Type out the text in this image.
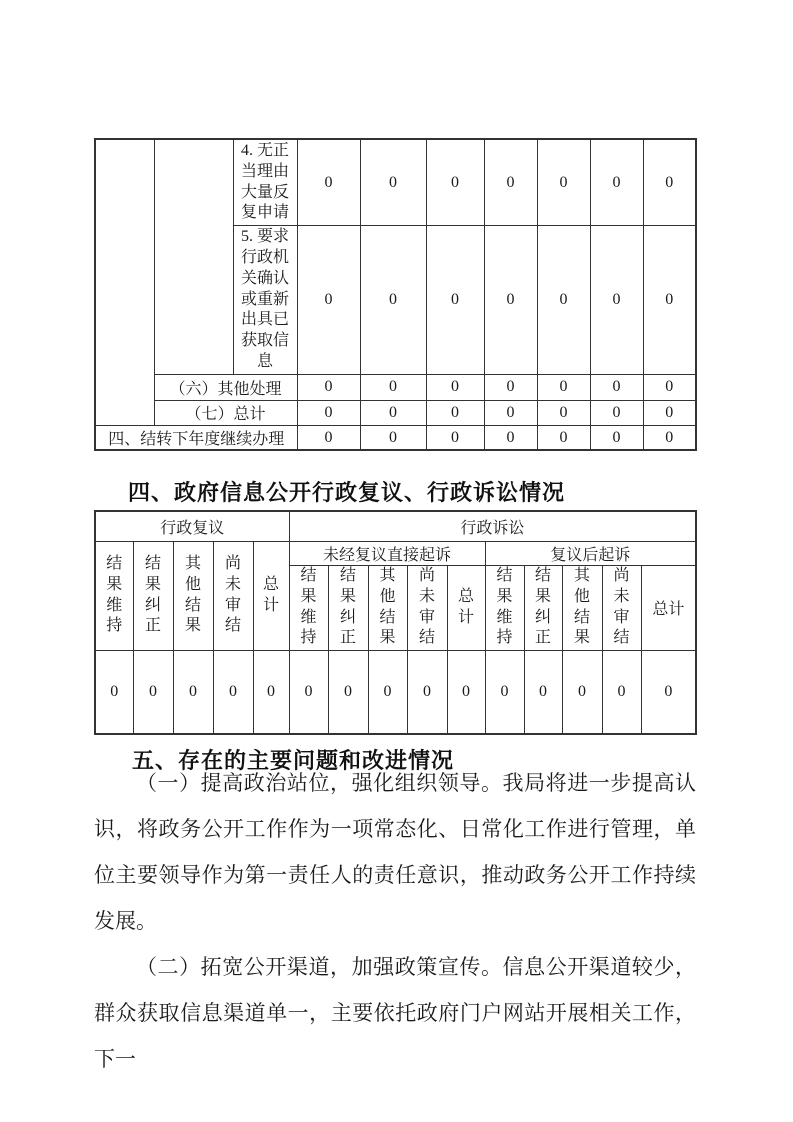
		4. 无正当理由大量反复申请	0	0	0	0	0	0	0
		5. 要求行政机关确认或重新出具已获取信息	0	0	0	0	0	0	0
	（六）其他处理		0	0	0	0	0	0	0
	（七）总计		0	0	0	0	0	0	0
四、结转下年度继续办理			0	0	0	0	0	0	0
四、政府信息公开行政复议、行政诉讼情况
行政复议					行政诉讼									
结果维持	结果纠正	其他结果	尚未审结	总计	未经复议直接起诉					复议后起诉				
					结果维持	结果纠正	其他结果	尚未审结	总计	结果维持	结果纠正	其他结果	尚未审结	总计
0	0	0	0	0	0	0	0	0	0	0	0	0	0	0
五、存在的主要问题和改进情况

（一）提高政治站位，强化组织领导。我局将进一步提高认识，将政务公开工作作为一项常态化、日常化工作进行管理，单位主要领导作为第一责任人的责任意识，推动政务公开工作持续发展。

（二）拓宽公开渠道，加强政策宣传。信息公开渠道较少，群众获取信息渠道单一，主要依托政府门户网站开展相关工作，下一
